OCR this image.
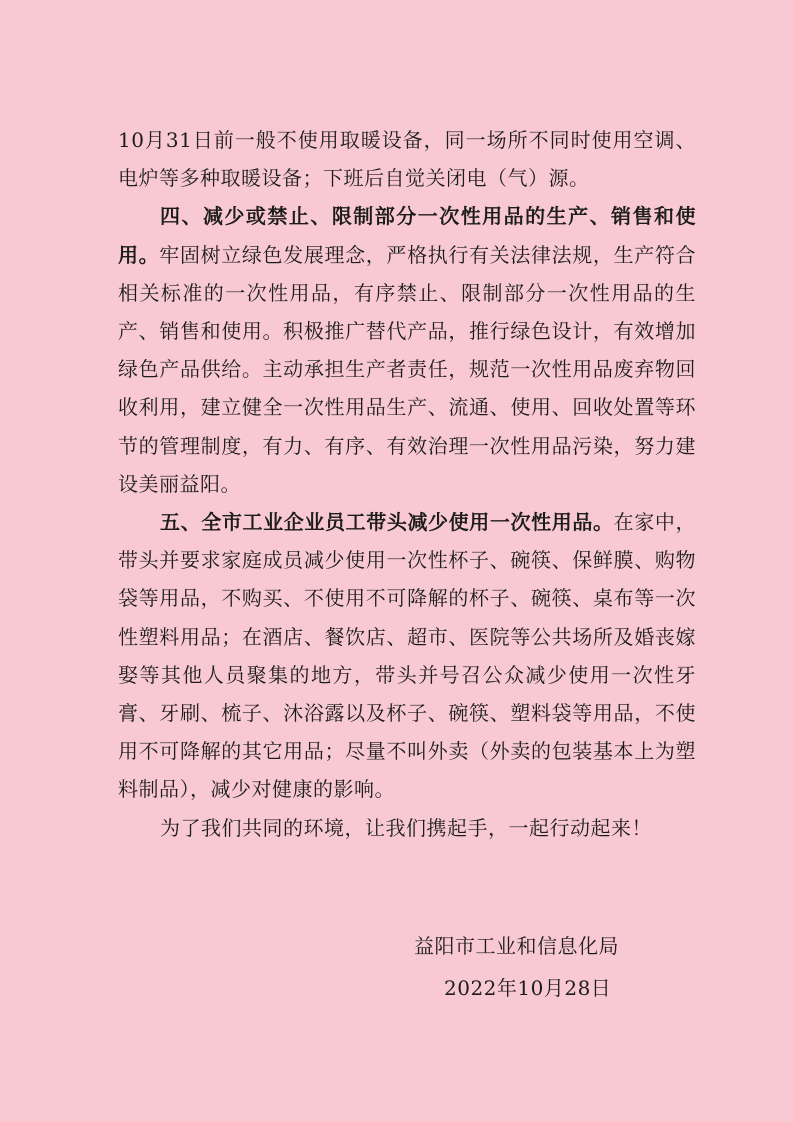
10月31日前一般不使用取暖设备，同一场所不同时使用空调、电炉等多种取暖设备；下班后自觉关闭电（气）源。

四、减少或禁止、限制部分一次性用品的生产、销售和使用。牢固树立绿色发展理念，严格执行有关法律法规，生产符合相关标准的一次性用品，有序禁止、限制部分一次性用品的生产、销售和使用。积极推广替代产品，推行绿色设计，有效增加绿色产品供给。主动承担生产者责任，规范一次性用品废弃物回收利用，建立健全一次性用品生产、流通、使用、回收处置等环节的管理制度，有力、有序、有效治理一次性用品污染，努力建设美丽益阳。

五、全市工业企业员工带头减少使用一次性用品。在家中，带头并要求家庭成员减少使用一次性杯子、碗筷、保鲜膜、购物袋等用品，不购买、不使用不可降解的杯子、碗筷、桌布等一次性塑料用品；在酒店、餐饮店、超市、医院等公共场所及婚丧嫁娶等其他人员聚集的地方，带头并号召公众减少使用一次性牙膏、牙刷、梳子、沐浴露以及杯子、碗筷、塑料袋等用品，不使用不可降解的其它用品；尽量不叫外卖（外卖的包装基本上为塑料制品），减少对健康的影响。

为了我们共同的环境，让我们携起手，一起行动起来！

益阳市工业和信息化局
2022年10月28日
